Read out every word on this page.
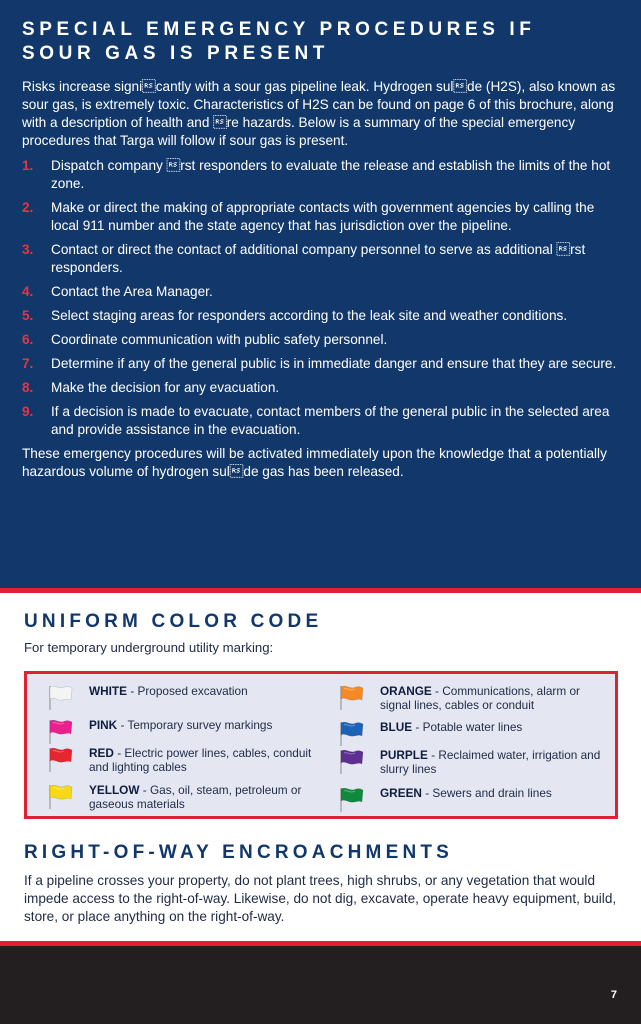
SPECIAL EMERGENCY PROCEDURES IF
SOUR GAS IS PRESENT

Risks increase signicantly with a sour gas pipeline leak. Hydrogen sulde (H2S), also known as sour gas, is extremely toxic. Characteristics of H2S can be found on page 6 of this brochure, along with a description of health and re hazards. Below is a summary of the special emergency procedures that Targa will follow if sour gas is present.

1.	Dispatch company rst responders to evaluate the release and establish the limits of the hot zone.
2.	Make or direct the making of appropriate contacts with government agencies by calling the local 911 number and the state agency that has jurisdiction over the pipeline.
3.	Contact or direct the contact of additional company personnel to serve as additional rst responders.
4.	Contact the Area Manager.
5.	Select staging areas for responders according to the leak site and weather conditions.
6.	Coordinate communication with public safety personnel.
7.	Determine if any of the general public is in immediate danger and ensure that they are secure.
8.	Make the decision for any evacuation.
9.	If a decision is made to evacuate, contact members of the general public in the selected area and provide assistance in the evacuation.

These emergency procedures will be activated immediately upon the knowledge that a potentially hazardous volume of hydrogen sulde gas has been released.

UNIFORM COLOR CODE

For temporary underground utility marking:

WHITE - Proposed excavation
PINK - Temporary survey markings
RED - Electric power lines, cables, conduit and lighting cables
YELLOW - Gas, oil, steam, petroleum or gaseous materials
ORANGE - Communications, alarm or signal lines, cables or conduit
BLUE - Potable water lines
PURPLE - Reclaimed water, irrigation and slurry lines
GREEN - Sewers and drain lines
RIGHT-OF-WAY ENCROACHMENTS

If a pipeline crosses your property, do not plant trees, high shrubs, or any vegetation that would impede access to the right-of-way. Likewise, do not dig, excavate, operate heavy equipment, build, store, or place anything on the right-of-way.

7
